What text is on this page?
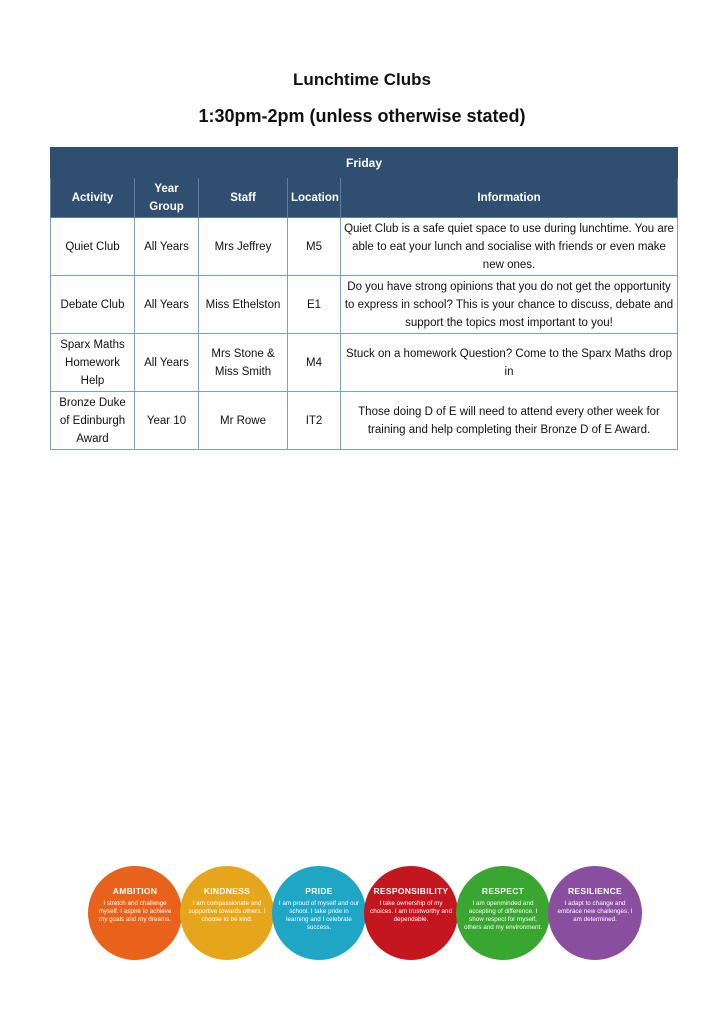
Lunchtime Clubs
1:30pm-2pm (unless otherwise stated)
Friday				
Activity	Year Group	Staff	Location	Information
Quiet Club	All Years	Mrs Jeffrey	M5	Quiet Club is a safe quiet space to use during lunchtime. You are able to eat your lunch and socialise with friends or even make new ones.
Debate Club	All Years	Miss Ethelston	E1	Do you have strong opinions that you do not get the opportunity to express in school? This is your chance to discuss, debate and support the topics most important to you!
Sparx Maths Homework Help	All Years	Mrs Stone & Miss Smith	M4	Stuck on a homework Question? Come to the Sparx Maths drop in
Bronze Duke of Edinburgh Award	Year 10	Mr Rowe	IT2	Those doing D of E will need to attend every other week for training and help completing their Bronze D of E Award.
AMBITION
I stretch and challenge myself. I aspire to achieve my goals and my dreams.
KINDNESS
I am compassionate and supportive towards others. I choose to be kind.
PRIDE
I am proud of myself and our school. I take pride in learning and I celebrate success.
RESPONSIBILITY
I take ownership of my choices. I am trustworthy and dependable.
RESPECT
I am openminded and accepting of difference. I show respect for myself, others and my environment.
RESILIENCE
I adapt to change and embrace new challenges. I am determined.
